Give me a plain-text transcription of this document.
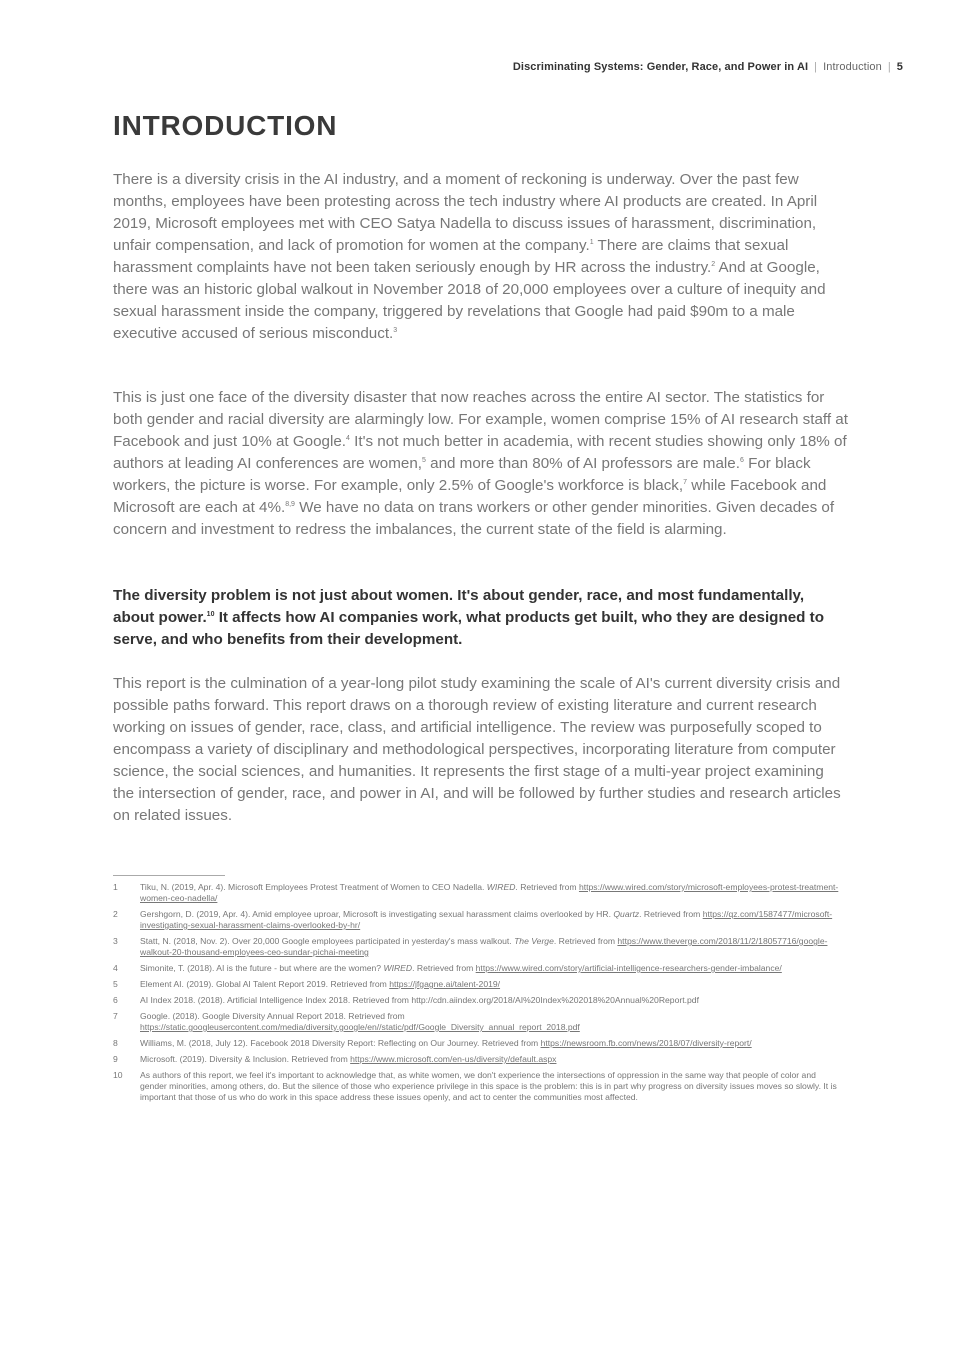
Discriminating Systems: Gender, Race, and Power in AI | Introduction | 5
INTRODUCTION

There is a diversity crisis in the AI industry, and a moment of reckoning is underway. Over the past few months, employees have been protesting across the tech industry where AI products are created. In April 2019, Microsoft employees met with CEO Satya Nadella to discuss issues of harassment, discrimination, unfair compensation, and lack of promotion for women at the company.$^1$ There are claims that sexual harassment complaints have not been taken seriously enough by HR across the industry.$^2$ And at Google, there was an historic global walkout in November 2018 of 20,000 employees over a culture of inequity and sexual harassment inside the company, triggered by revelations that Google had paid $90m to a male executive accused of serious misconduct.$^3$

This is just one face of the diversity disaster that now reaches across the entire AI sector. The statistics for both gender and racial diversity are alarmingly low. For example, women comprise 15% of AI research staff at Facebook and just 10% at Google.$^4$ It's not much better in academia, with recent studies showing only 18% of authors at leading AI conferences are women,$^5$ and more than 80% of AI professors are male.$^6$ For black workers, the picture is worse. For example, only 2.5% of Google's workforce is black,$^7$ while Facebook and Microsoft are each at 4%.$^{8,9}$ We have no data on trans workers or other gender minorities. Given decades of concern and investment to redress the imbalances, the current state of the field is alarming.

The diversity problem is not just about women. It's about gender, race, and most fundamentally, about power.$^{10}$ It affects how AI companies work, what products get built, who they are designed to serve, and who benefits from their development.

This report is the culmination of a year-long pilot study examining the scale of AI's current diversity crisis and possible paths forward. This report draws on a thorough review of existing literature and current research working on issues of gender, race, class, and artificial intelligence. The review was purposefully scoped to encompass a variety of disciplinary and methodological perspectives, incorporating literature from computer science, the social sciences, and humanities. It represents the first stage of a multi-year project examining the intersection of gender, race, and power in AI, and will be followed by further studies and research articles on related issues.

1	Tiku, N. (2019, Apr. 4). Microsoft Employees Protest Treatment of Women to CEO Nadella. WIRED. Retrieved from https://www.wired.com/story/microsoft-employees-protest-treatment-women-ceo-nadella/
2	Gershgorn, D. (2019, Apr. 4). Amid employee uproar, Microsoft is investigating sexual harassment claims overlooked by HR. Quartz. Retrieved from https://qz.com/1587477/microsoft-investigating-sexual-harassment-claims-overlooked-by-hr/
3	Statt, N. (2018, Nov. 2). Over 20,000 Google employees participated in yesterday's mass walkout. The Verge. Retrieved from https://www.theverge.com/2018/11/2/18057716/google-walkout-20-thousand-employees-ceo-sundar-pichai-meeting
4	Simonite, T. (2018). AI is the future - but where are the women? WIRED. Retrieved from https://www.wired.com/story/artificial-intelligence-researchers-gender-imbalance/
5	Element AI. (2019). Global AI Talent Report 2019. Retrieved from https://jfgagne.ai/talent-2019/
6	AI Index 2018. (2018). Artificial Intelligence Index 2018. Retrieved from http://cdn.aiindex.org/2018/AI%20Index%202018%20Annual%20Report.pdf
7	Google. (2018). Google Diversity Annual Report 2018. Retrieved from https://static.googleusercontent.com/media/diversity.google/en//static/pdf/Google_Diversity_annual_report_2018.pdf
8	Williams, M. (2018, July 12). Facebook 2018 Diversity Report: Reflecting on Our Journey. Retrieved from https://newsroom.fb.com/news/2018/07/diversity-report/
9	Microsoft. (2019). Diversity & Inclusion. Retrieved from https://www.microsoft.com/en-us/diversity/default.aspx
10	As authors of this report, we feel it's important to acknowledge that, as white women, we don't experience the intersections of oppression in the same way that people of color and gender minorities, among others, do. But the silence of those who experience privilege in this space is the problem: this is in part why progress on diversity issues moves so slowly. It is important that those of us who do work in this space address these issues openly, and act to center the communities most affected.
